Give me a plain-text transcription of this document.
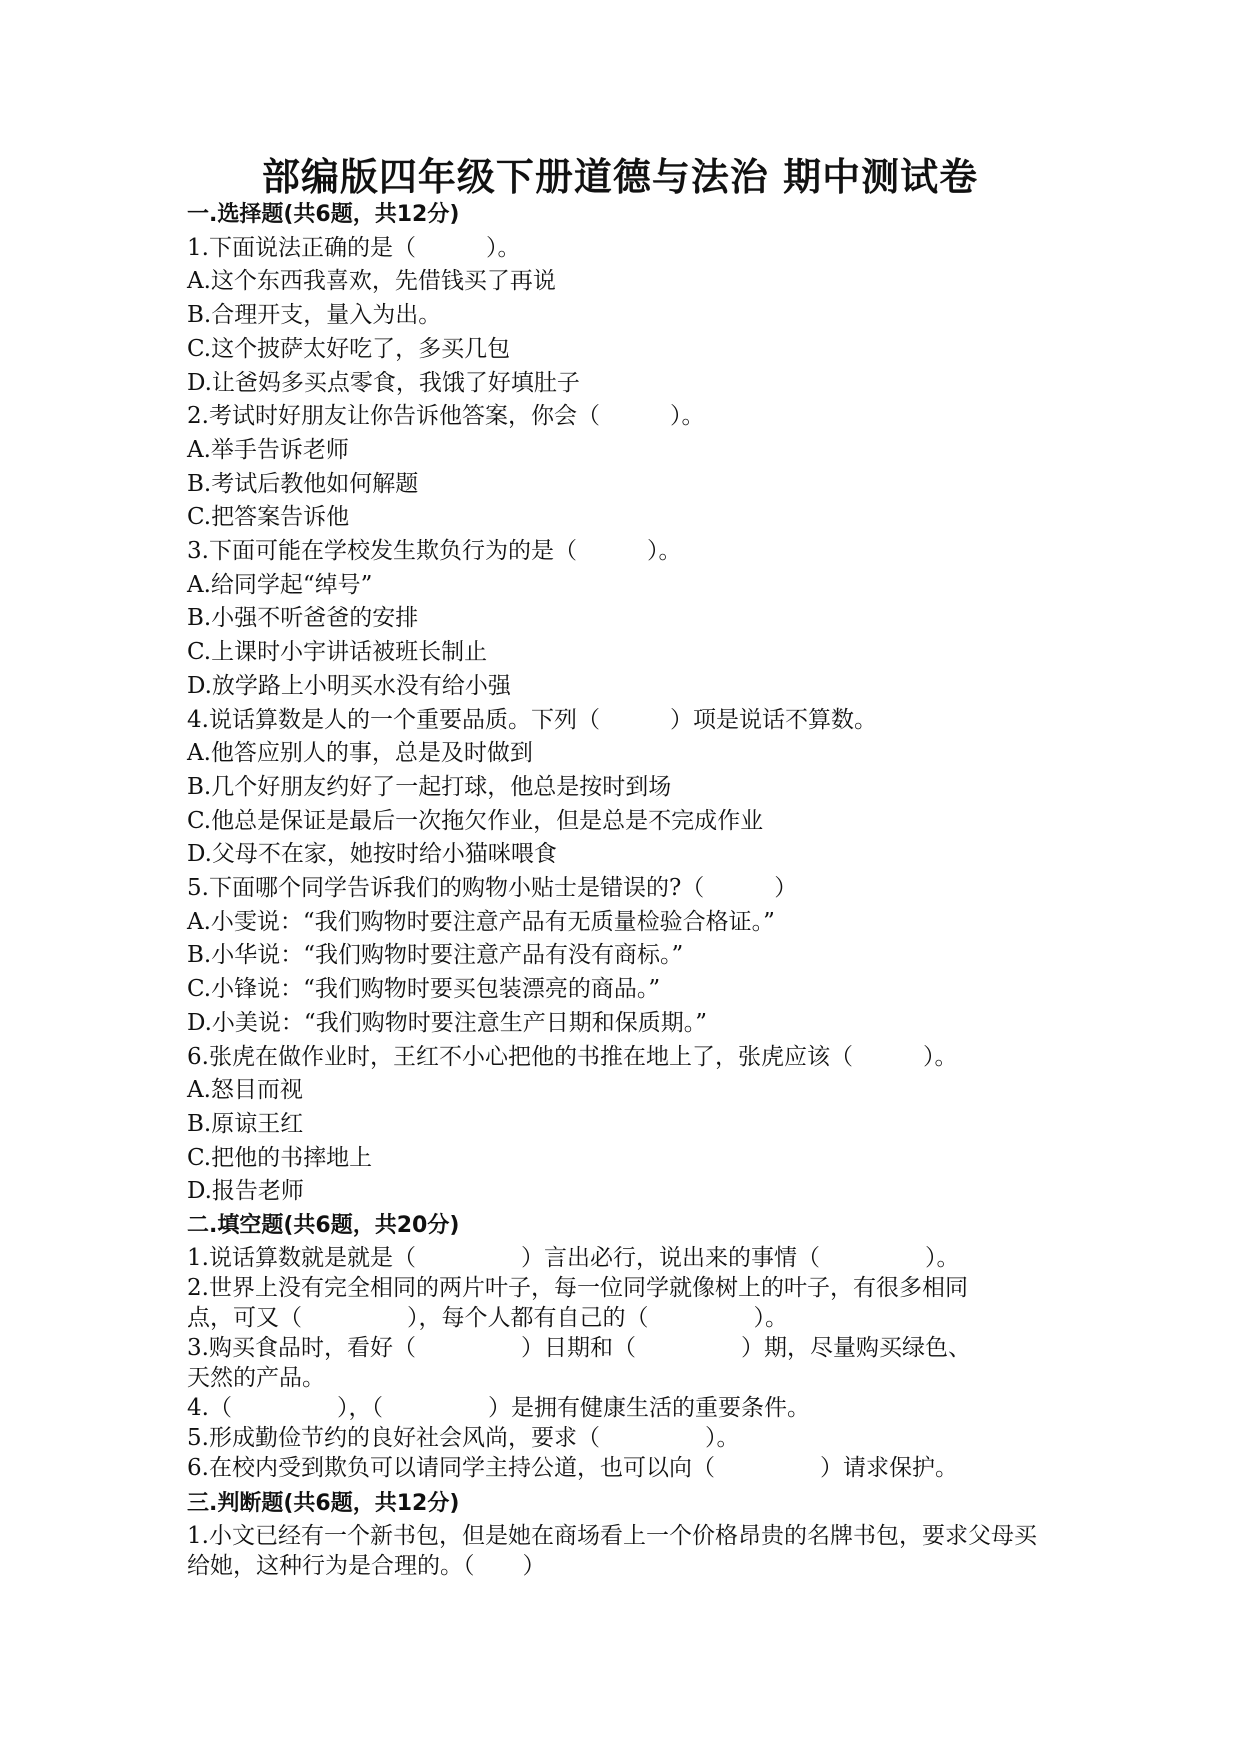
部编版四年级下册道德与法治 期中测试卷
一.选择题(共6题，共12分)
1.下面说法正确的是（	）。
A.这个东西我喜欢，先借钱买了再说
B.合理开支，量入为出。
C.这个披萨太好吃了，多买几包
D.让爸妈多买点零食，我饿了好填肚子
2.考试时好朋友让你告诉他答案，你会（	）。
A.举手告诉老师
B.考试后教他如何解题
C.把答案告诉他
3.下面可能在学校发生欺负行为的是（	）。
A.给同学起“绰号”
B.小强不听爸爸的安排
C.上课时小宇讲话被班长制止
D.放学路上小明买水没有给小强
4.说话算数是人的一个重要品质。下列（	）项是说话不算数。
A.他答应别人的事，总是及时做到
B.几个好朋友约好了一起打球，他总是按时到场
C.他总是保证是最后一次拖欠作业，但是总是不完成作业
D.父母不在家，她按时给小猫咪喂食
5.下面哪个同学告诉我们的购物小贴士是错误的?（	）
A.小雯说：“我们购物时要注意产品有无质量检验合格证。”
B.小华说：“我们购物时要注意产品有没有商标。”
C.小锋说：“我们购物时要买包装漂亮的商品。”
D.小美说：“我们购物时要注意生产日期和保质期。”
6.张虎在做作业时，王红不小心把他的书推在地上了，张虎应该（	）。
A.怒目而视
B.原谅王红
C.把他的书摔地上
D.报告老师
二.填空题(共6题，共20分)
1.说话算数就是就是（	）言出必行，说出来的事情（	）。
2.世界上没有完全相同的两片叶子，每一位同学就像树上的叶子，有很多相同
点，可又（	），每个人都有自己的（	）。
3.购买食品时，看好（	）日期和（	）期，尽量购买绿色、
天然的产品。
4.（	），（	）是拥有健康生活的重要条件。
5.形成勤俭节约的良好社会风尚，要求（	）。
6.在校内受到欺负可以请同学主持公道，也可以向（	）请求保护。
三.判断题(共6题，共12分)
1.小文已经有一个新书包，但是她在商场看上一个价格昂贵的名牌书包，要求父母买给她，这种行为是合理的。（ ）
